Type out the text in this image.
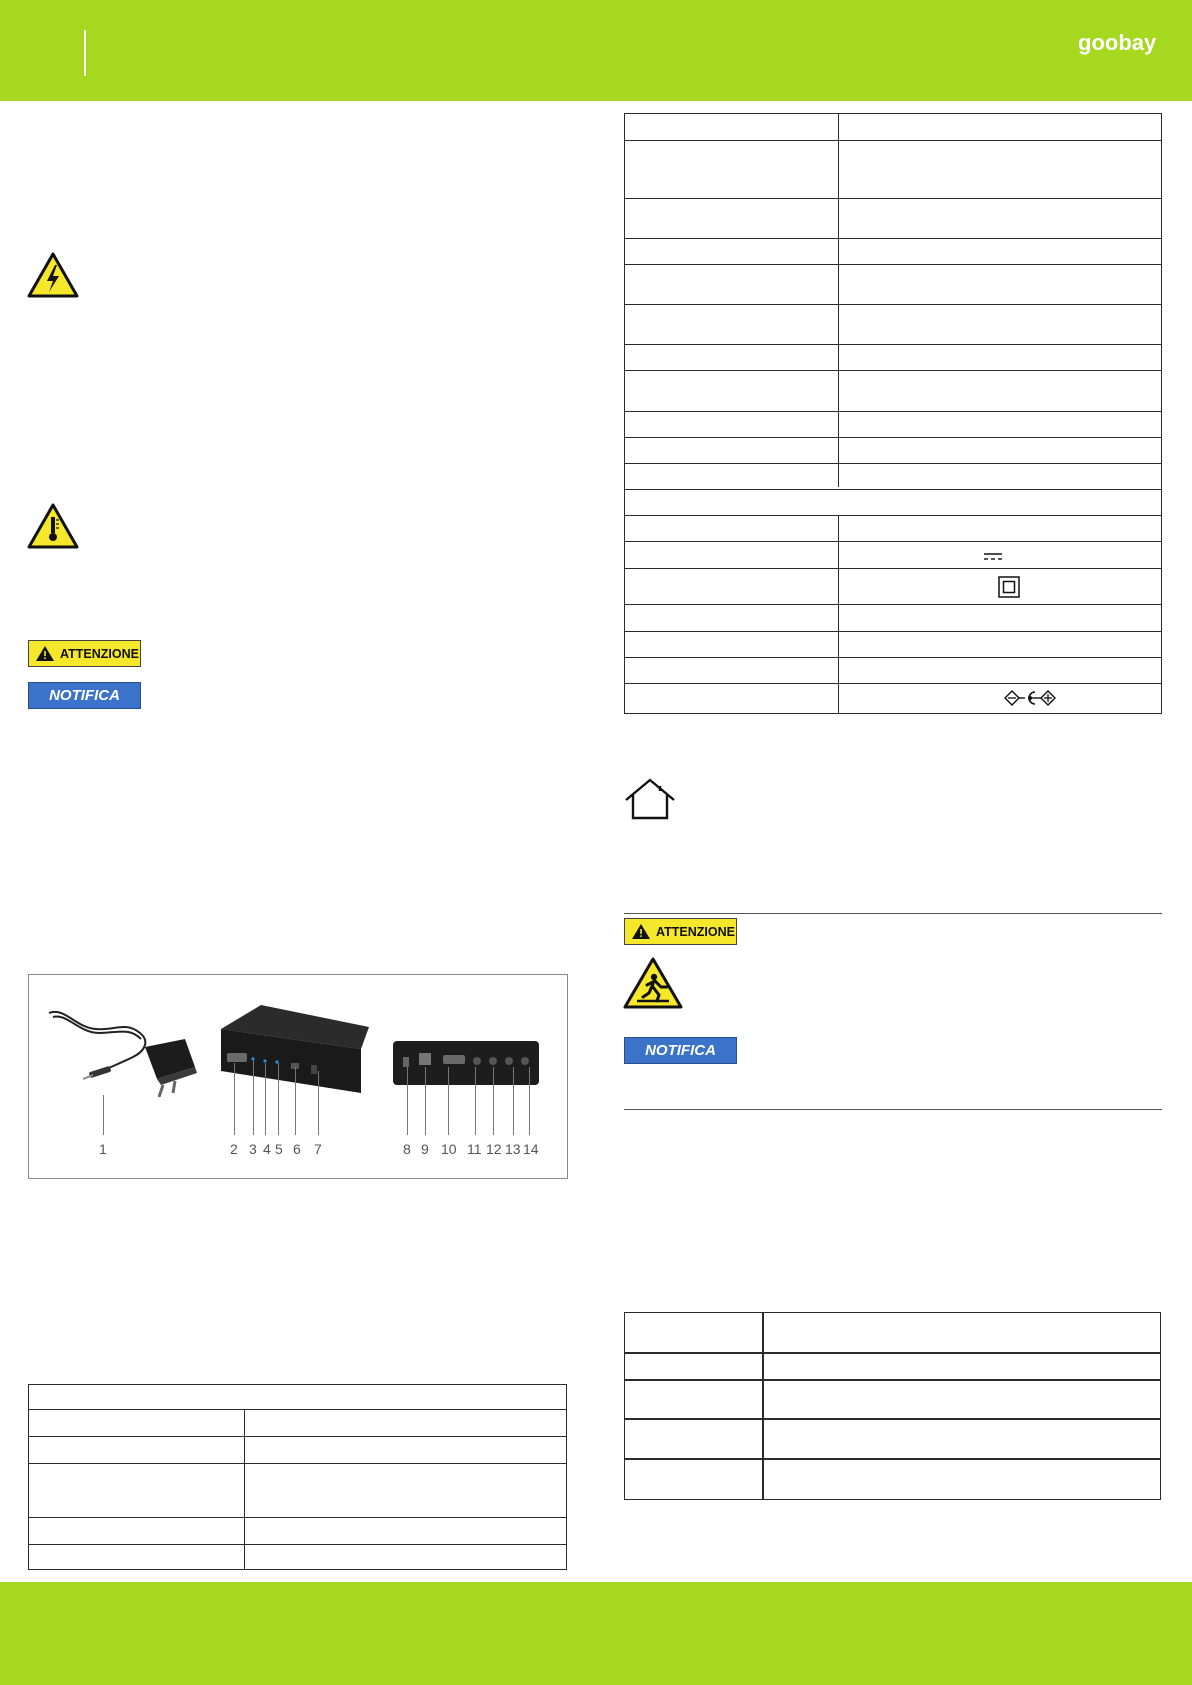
goobay
ATTENZIONE
NOTIFICA
1	2 3 4 5 6 7	8 9 10 11 12 13 14
ATTENZIONE
NOTIFICA
